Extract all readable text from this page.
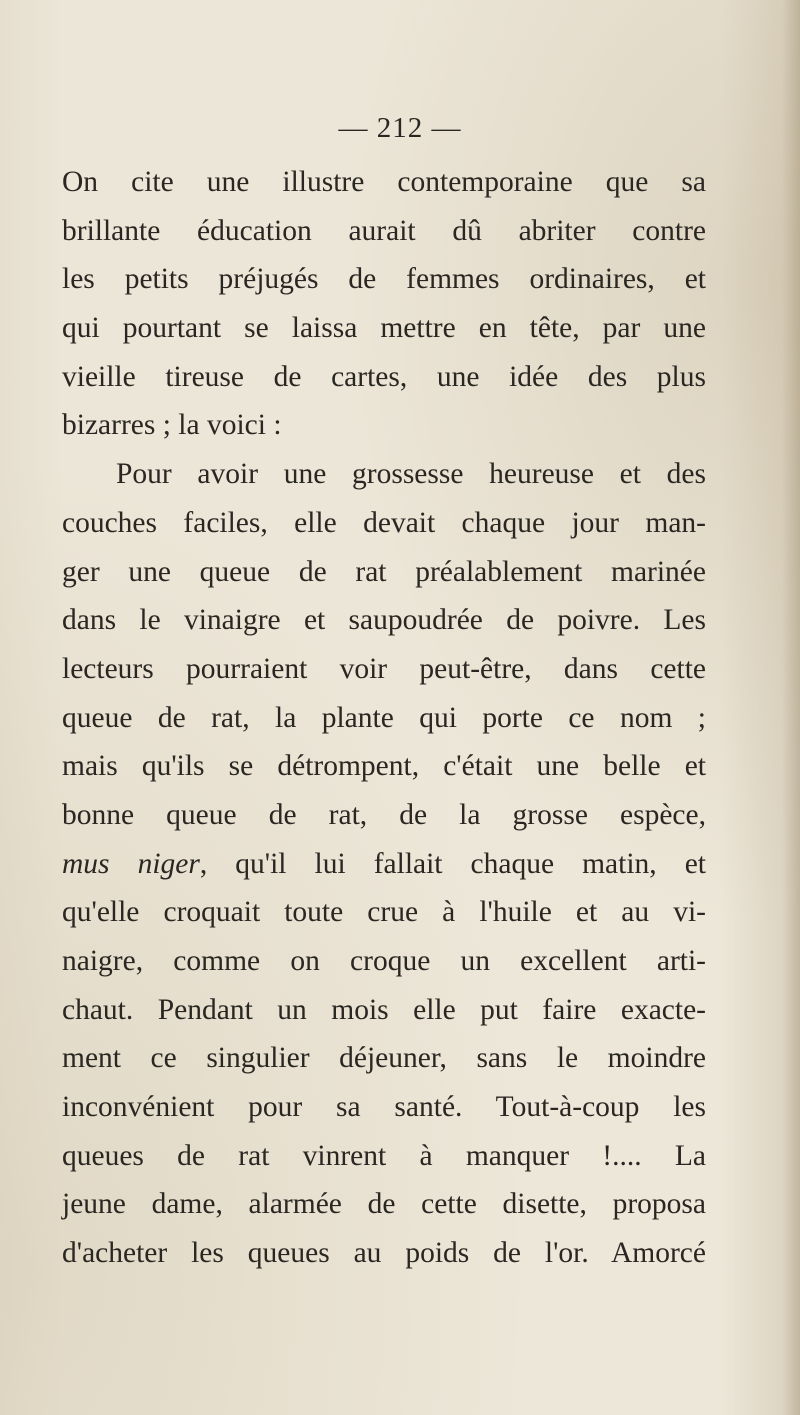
— 212 —
On cite une illustre contemporaine que sa
brillante éducation aurait dû abriter contre
les petits préjugés de femmes ordinaires, et
qui pourtant se laissa mettre en tête, par une
vieille tireuse de cartes, une idée des plus
bizarres ; la voici :
Pour avoir une grossesse heureuse et des
couches faciles, elle devait chaque jour man-
ger une queue de rat préalablement marinée
dans le vinaigre et saupoudrée de poivre. Les
lecteurs pourraient voir peut-être, dans cette
queue de rat, la plante qui porte ce nom ;
mais qu'ils se détrompent, c'était une belle et
bonne queue de rat, de la grosse espèce,
mus niger, qu'il lui fallait chaque matin, et
qu'elle croquait toute crue à l'huile et au vi-
naigre, comme on croque un excellent arti-
chaut. Pendant un mois elle put faire exacte-
ment ce singulier déjeuner, sans le moindre
inconvénient pour sa santé. Tout-à-coup les
queues de rat vinrent à manquer !.... La
jeune dame, alarmée de cette disette, proposa
d'acheter les queues au poids de l'or. Amorcé
